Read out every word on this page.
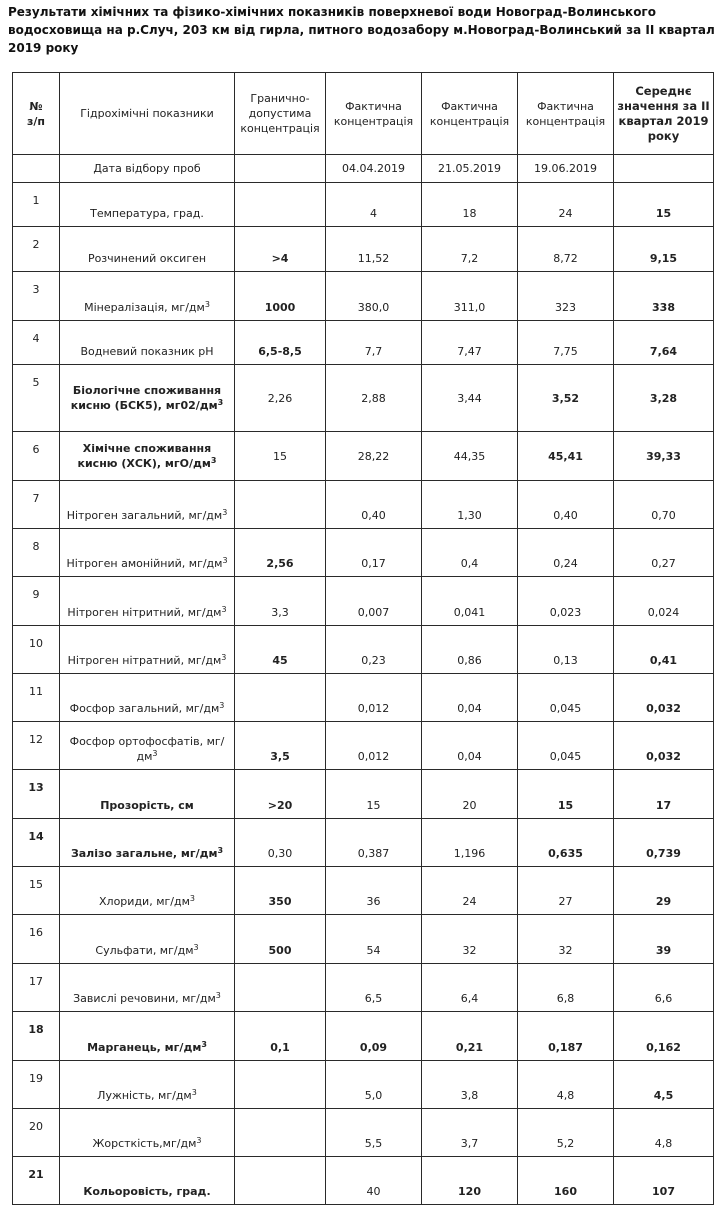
Результати хімічних та фізико-хімічних показників поверхневої води Новоград-Волинського водосховища на р.Случ, 203 км від гирла, питного водозабору м.Новоград-Волинський за II квартал 2019 року
№ з/п	Гідрохімічні показники	Гранично-допустима концентрація	Фактична концентрація	Фактична концентрація	Фактична концентрація	Середнє значення за II квартал 2019 року
	Дата відбору проб		04.04.2019	21.05.2019	19.06.2019	
1	Температура, град.		4	18	24	15
2	Розчинений оксиген	>4	11,52	7,2	8,72	9,15
3	Мінералізація, $мг/дм^3$	1000	380,0	311,0	323	338
4	Водневий показник pH	6,5-8,5	7,7	7,47	7,75	7,64
5	Біологічне споживання кисню (БСК5), $мг02/дм^3$	2,26	2,88	3,44	3,52	3,28
6	Хімічне споживання кисню (ХСК), мгО/$дм^3$	15	28,22	44,35	45,41	39,33
7	Нітроген загальний, $мг/дм^3$		0,40	1,30	0,40	0,70
8	Нітроген амонійний, $мг/дм^3$	2,56	0,17	0,4	0,24	0,27
9	Нітроген нітритний, $мг/дм^3$	3,3	0,007	0,041	0,023	0,024
10	Нітроген нітратний, $мг/дм^3$	45	0,23	0,86	0,13	0,41
11	Фосфор загальний, $мг/дм^3$		0,012	0,04	0,045	0,032
12	Фосфор ортофосфатів, $мг/дм^3$	3,5	0,012	0,04	0,045	0,032
13	Прозорість, см	>20	15	20	15	17
14	Залізо загальне, $мг/дм^3$	0,30	0,387	1,196	0,635	0,739
15	Хлориди, $мг/дм^3$	350	36	24	27	29
16	Сульфати, $мг/дм^3$	500	54	32	32	39
17	Завислі речовини, $мг/дм^3$		6,5	6,4	6,8	6,6
18	Марганець, $мг/дм^3$	0,1	0,09	0,21	0,187	0,162
19	Лужність, $мг/дм^3$		5,0	3,8	4,8	4,5
20	$Жорсткість,мг/дм^3$		5,5	3,7	5,2	4,8
21	Кольоровість, град.		40	120	160	107
